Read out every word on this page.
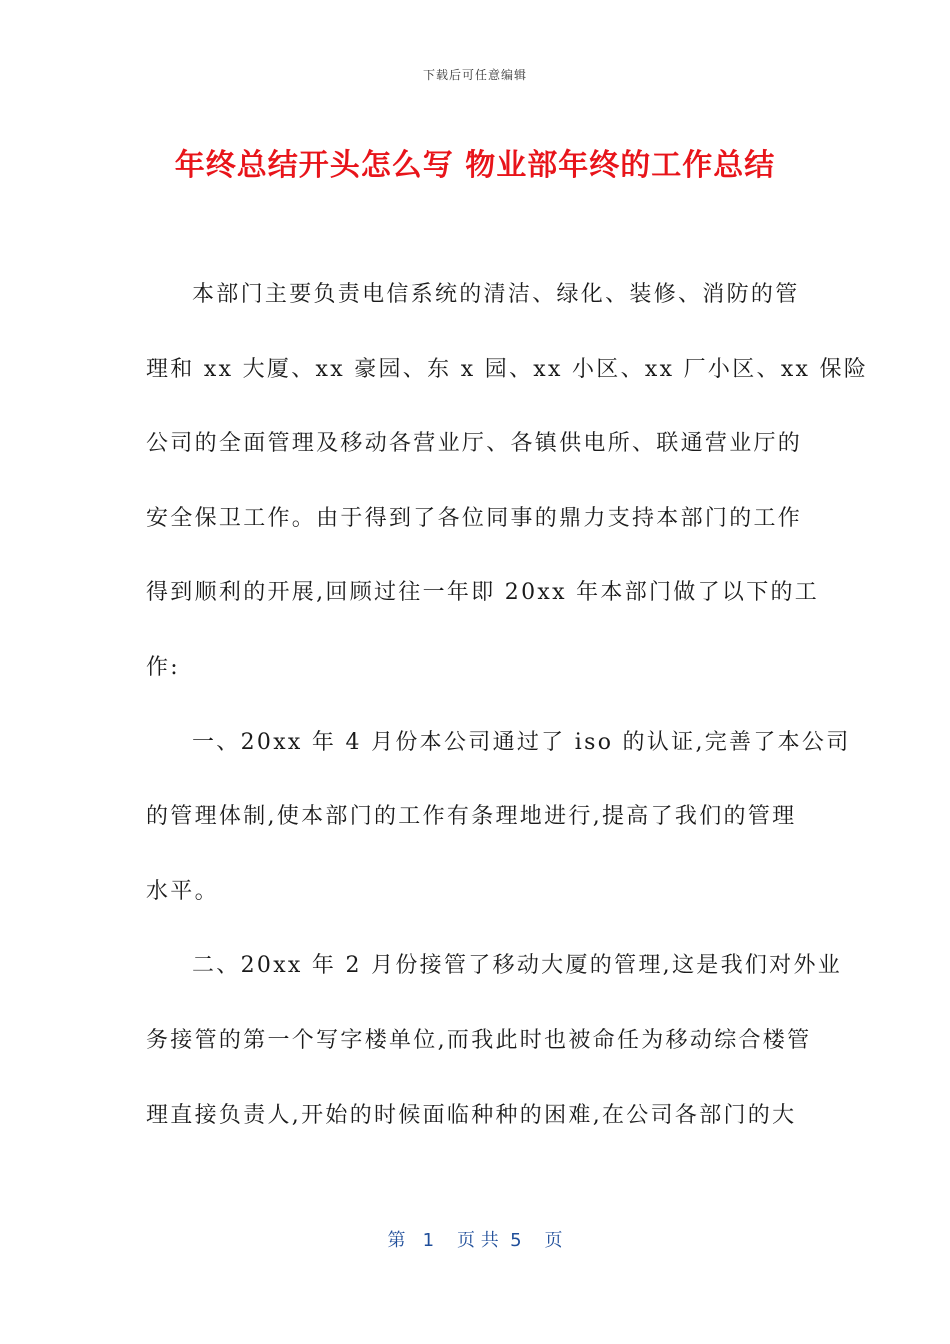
下载后可任意编辑
年终总结开头怎么写 物业部年终的工作总结
本部门主要负责电信系统的清洁、绿化、装修、消防的管
理和 xx 大厦、xx 豪园、东 x 园、xx 小区、xx 厂小区、xx 保险
公司的全面管理及移动各营业厅、各镇供电所、联通营业厅的
安全保卫工作。由于得到了各位同事的鼎力支持本部门的工作
得到顺利的开展,回顾过往一年即 20xx 年本部门做了以下的工
作:
一、20xx 年 4 月份本公司通过了 iso 的认证,完善了本公司
的管理体制,使本部门的工作有条理地进行,提高了我们的管理
水平。
二、20xx 年 2 月份接管了移动大厦的管理,这是我们对外业
务接管的第一个写字楼单位,而我此时也被命任为移动综合楼管
理直接负责人,开始的时候面临种种的困难,在公司各部门的大
第   1    页 共  5    页
